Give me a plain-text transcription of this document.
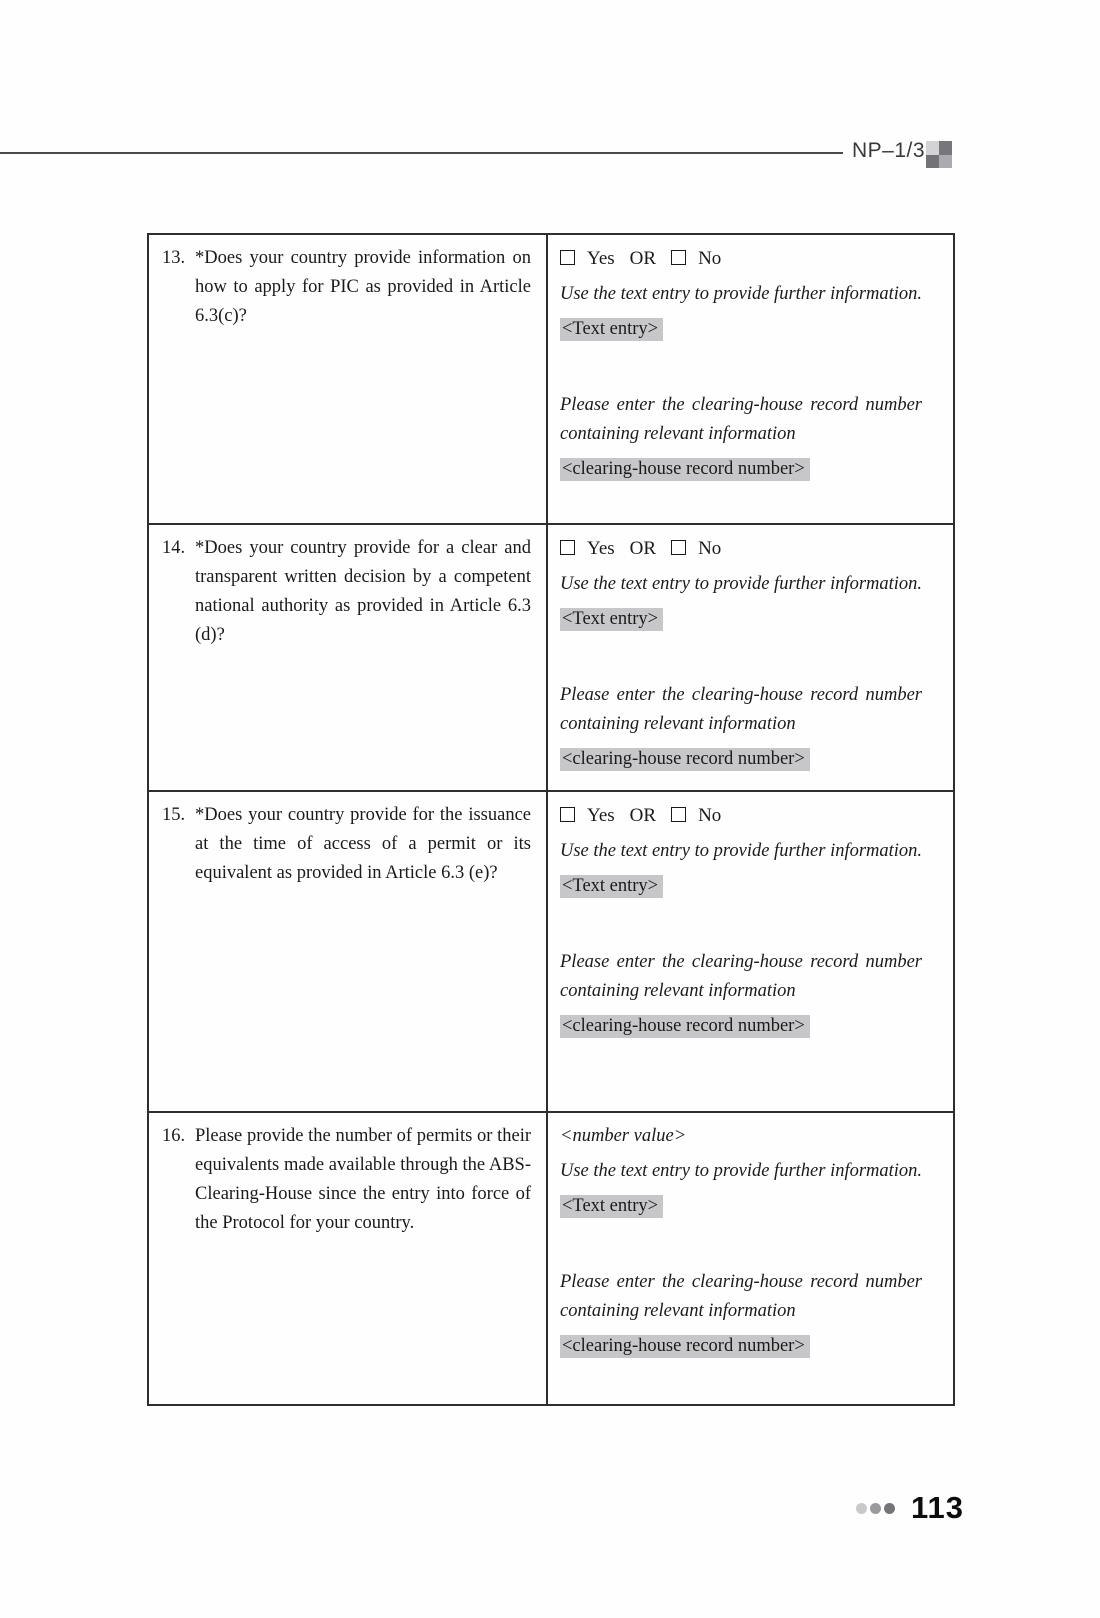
NP–1/3
13. *Does your country provide information on how to apply for PIC as provided in Article 6.3(c)?
Yes OR No
Use the text entry to provide further information.
<Text entry>
Please enter the clearing-house record number containing relevant information
<clearing-house record number>
14. *Does your country provide for a clear and transparent written decision by a competent national authority as provided in Article 6.3 (d)?
Yes OR No
Use the text entry to provide further information.
<Text entry>
Please enter the clearing-house record number containing relevant information
<clearing-house record number>
15. *Does your country provide for the issuance at the time of access of a permit or its equivalent as provided in Article 6.3 (e)?
Yes OR No
Use the text entry to provide further information.
<Text entry>
Please enter the clearing-house record number containing relevant information
<clearing-house record number>
16. Please provide the number of permits or their equivalents made available through the ABS-Clearing-House since the entry into force of the Protocol for your country.
<number value>
Use the text entry to provide further information.
<Text entry>
Please enter the clearing-house record number containing relevant information
<clearing-house record number>
113
